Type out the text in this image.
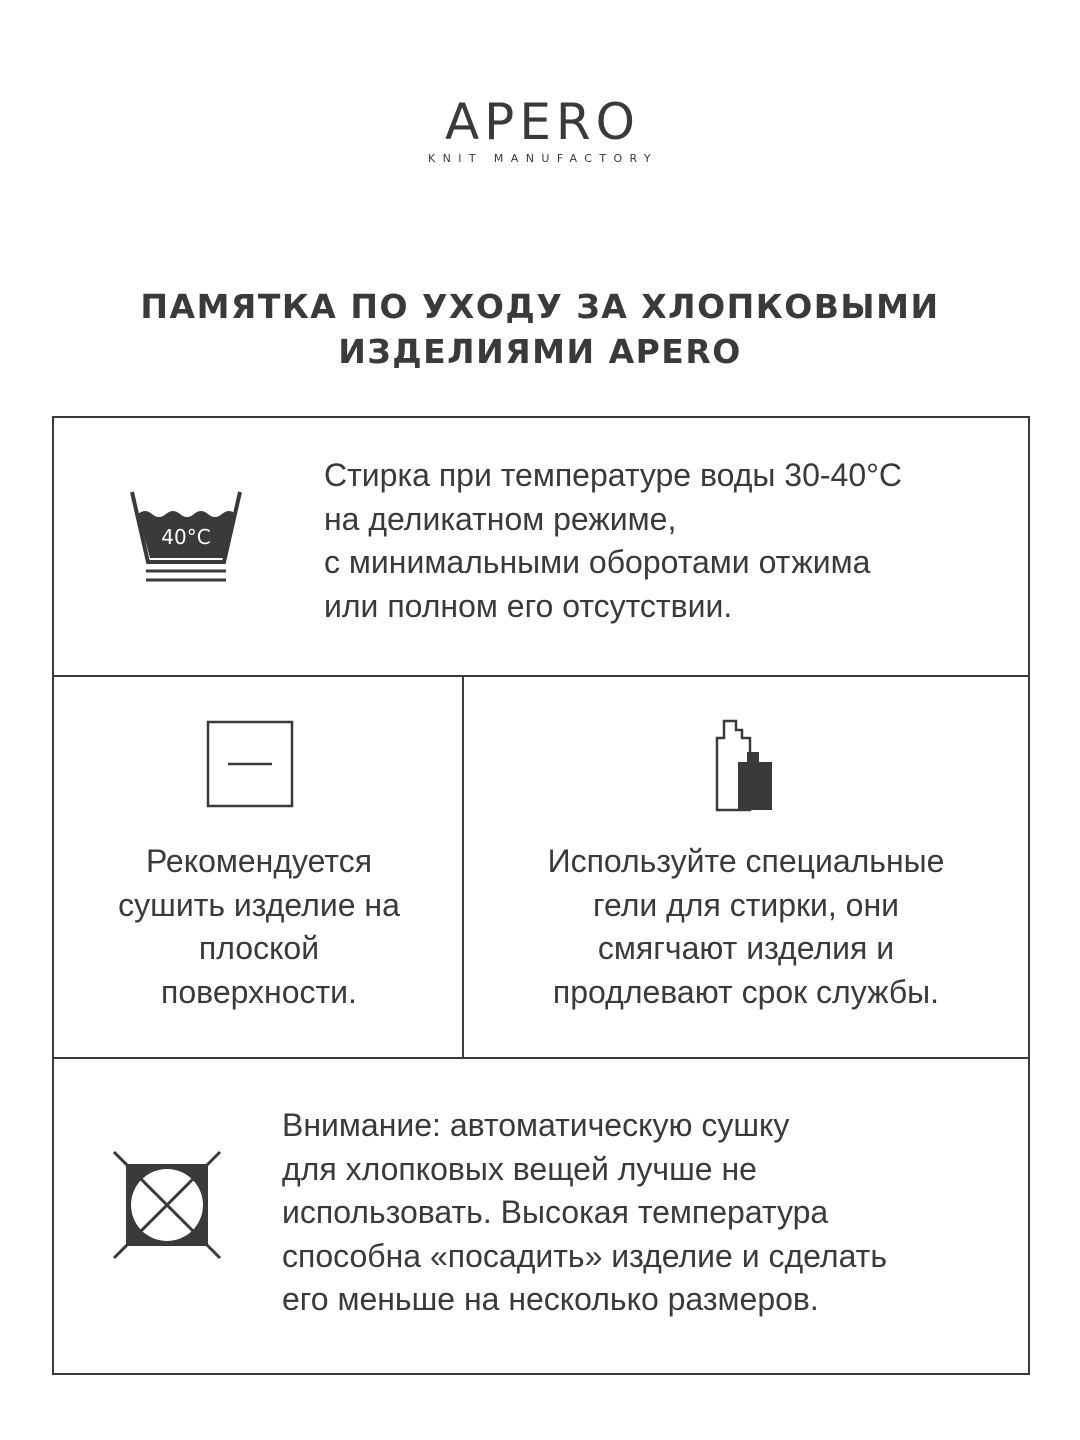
APERO
KNIT MANUFACTORY
ПАМЯТКА ПО УХОДУ ЗА ХЛОПКОВЫМИ
ИЗДЕЛИЯМИ APERO
40°C
Стирка при температуре воды 30-40°C
на деликатном режиме,
с минимальными оборотами отжима
или полном его отсутствии.
Рекомендуется
сушить изделие на
плоской
поверхности.
Используйте специальные
гели для стирки, они
смягчают изделия и
продлевают срок службы.
Внимание: автоматическую сушку
для хлопковых вещей лучше не
использовать. Высокая температура
способна «посадить» изделие и сделать
его меньше на несколько размеров.
